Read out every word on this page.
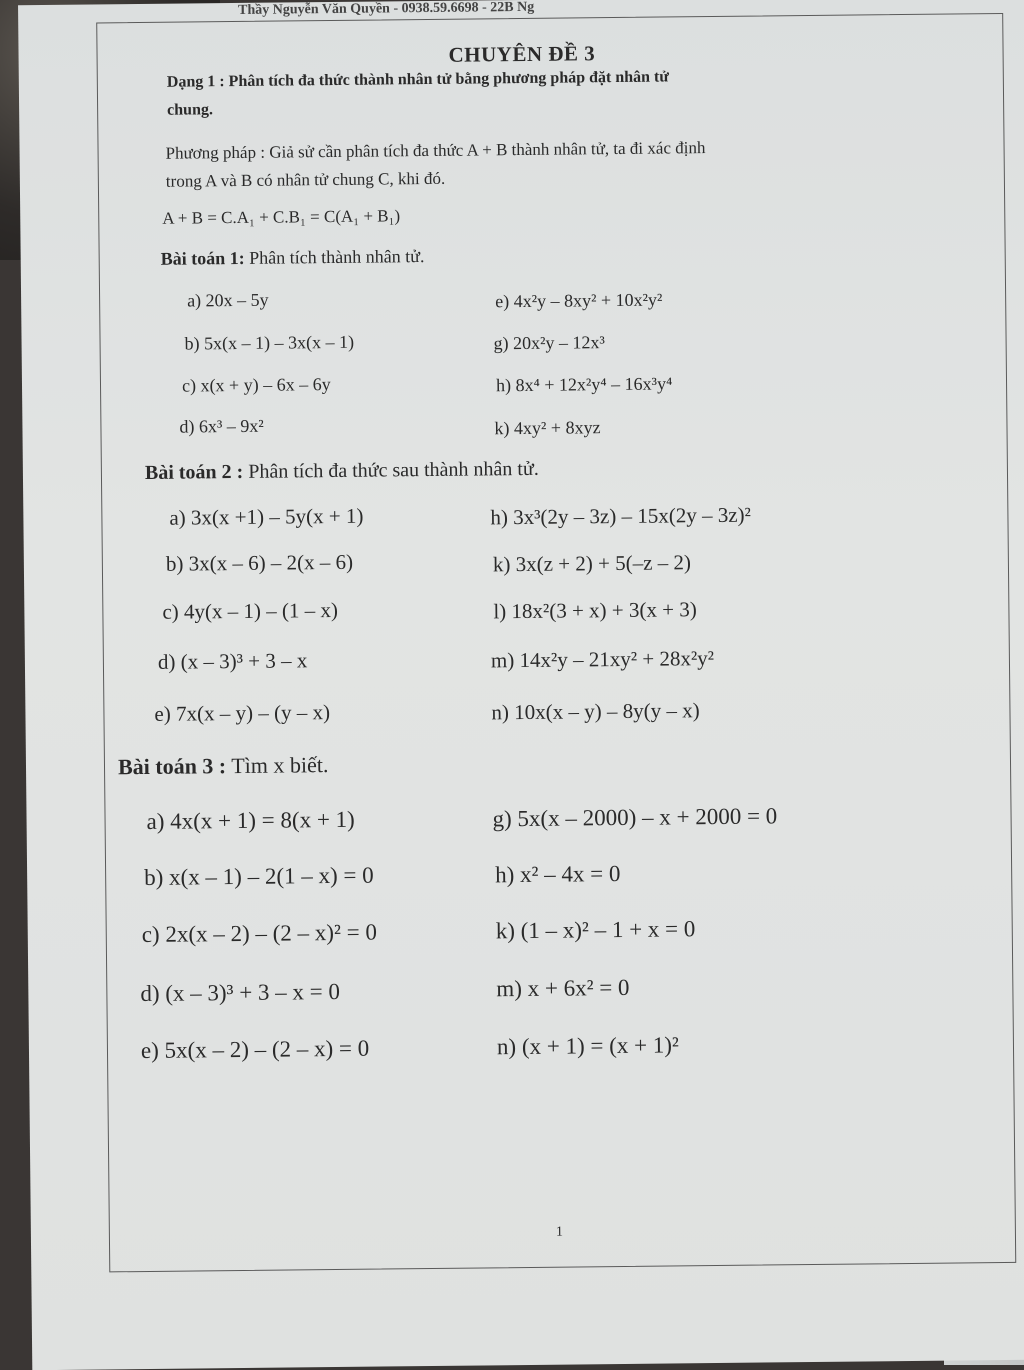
Thầy Nguyễn Văn Quyền - 0938.59.6698 - 22B Ng
CHUYÊN ĐỀ 3
Dạng 1 : Phân tích đa thức thành nhân tử bằng phương pháp đặt nhân tử
chung.
Phương pháp : Giả sử cần phân tích đa thức A + B thành nhân tử, ta đi xác định
trong A và B có nhân tử chung C, khi đó.
A + B = C.A₁ + C.B₁ = C(A₁ + B₁)
Bài toán 1: Phân tích thành nhân tử.
a) 20x – 5y
b) 5x(x – 1) – 3x(x – 1)
c) x(x + y) – 6x – 6y
d) 6x³ – 9x²
e) 4x²y – 8xy² + 10x²y²
g) 20x²y – 12x³
h) 8x⁴ + 12x²y⁴ – 16x³y⁴
k) 4xy² + 8xyz
Bài toán 2 : Phân tích đa thức sau thành nhân tử.
a) 3x(x +1) – 5y(x + 1)
b) 3x(x – 6) – 2(x – 6)
c) 4y(x – 1) – (1 – x)
d) (x – 3)³ + 3 – x
e) 7x(x – y) – (y – x)
h) 3x³(2y – 3z) – 15x(2y – 3z)²
k) 3x(z + 2) + 5(–z – 2)
l) 18x²(3 + x) + 3(x + 3)
m) 14x²y – 21xy² + 28x²y²
n) 10x(x – y) – 8y(y – x)
Bài toán 3 : Tìm x biết.
a) 4x(x + 1) = 8(x + 1)
b) x(x – 1) – 2(1 – x) = 0
c) 2x(x – 2) – (2 – x)² = 0
d) (x – 3)³ + 3 – x = 0
e) 5x(x – 2) – (2 – x) = 0
g) 5x(x – 2000) – x + 2000 = 0
h) x² – 4x = 0
k) (1 – x)² – 1 + x = 0
m) x + 6x² = 0
n) (x + 1) = (x + 1)²
1
